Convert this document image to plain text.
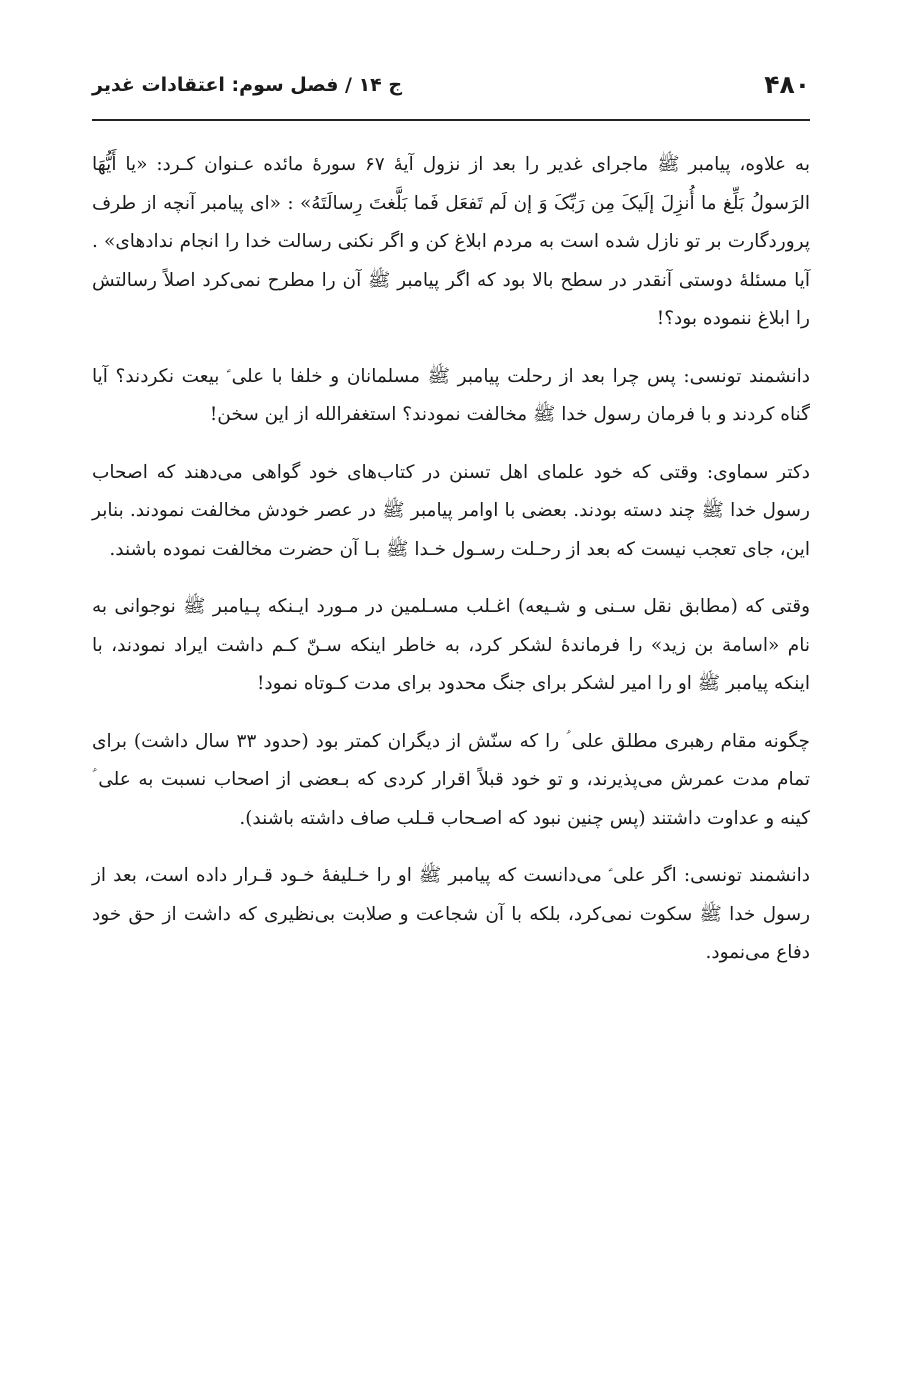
۴۸۰
ج ۱۴ / فصل سوم: اعتقادات غدیر

به علاوه، پیامبر ﷺ ماجرای غدیر را بعد از نزول آیهٔ ۶۷ سورهٔ مائده عـنوان کـرد: «یا أَیُّهَا الرَسولُ بَلِّغ ما أُنزِلَ إلَیکَ مِن رَبِّکَ وَ إن لَم تَفعَل فَما بَلَّغتَ رِسالَتَهُ» : «ای پیامبر آنچه از طرف پروردگارت بر تو نازل شده است به مردم ابلاغ کن و اگر نکنی رسالت خدا را انجام ندادهای» . آیا مسئلهٔ دوستی آنقدر در سطح بالا بود که اگر پیامبر ﷺ آن را مطرح نمی‌کرد اصلاً رسالتش را ابلاغ ننموده بود؟!

دانشمند تونسی: پس چرا بعد از رحلت پیامبر ﷺ مسلمانان و خلفا با علی ؑ بیعت نکردند؟ آیا گناه کردند و با فرمان رسول خدا ﷺ مخالفت نمودند؟ استغفرالله از این سخن!

دکتر سماوی: وقتی که خود علمای اهل تسنن در کتاب‌های خود گواهی می‌دهند که اصحاب رسول خدا ﷺ چند دسته بودند. بعضی با اوامر پیامبر ﷺ در عصر خودش مخالفت نمودند. بنابر این، جای تعجب نیست که بعد از رحـلت رسـول خـدا ﷺ بـا آن حضرت مخالفت نموده باشند.

وقتی که (مطابق نقل سـنی و شـیعه) اغـلب مسـلمین در مـورد ایـنکه پـیامبر ﷺ نوجوانی به نام «اسامة بن زید» را فرماندهٔ لشکر کرد، به خاطر اینکه سـنّ کـم داشت ایراد نمودند، با اینکه پیامبر ﷺ او را امیر لشکر برای جنگ محدود برای مدت کـوتاه نمود!

چگونه مقام رهبری مطلق علی ؑ را که سنّش از دیگران کمتر بود (حدود ۳۳ سال داشت) برای تمام مدت عمرش می‌پذیرند، و تو خود قبلاً اقرار کردی که بـعضی از اصحاب نسبت به علی ؑ کینه و عداوت داشتند (پس چنین نبود که اصـحاب قـلب صاف داشته باشند).

دانشمند تونسی: اگر علی ؑ می‌دانست که پیامبر ﷺ او را خـلیفهٔ خـود قـرار داده است، بعد از رسول خدا ﷺ سکوت نمی‌کرد، بلکه با آن شجاعت و صلابت بی‌نظیری که داشت از حق خود دفاع می‌نمود.
